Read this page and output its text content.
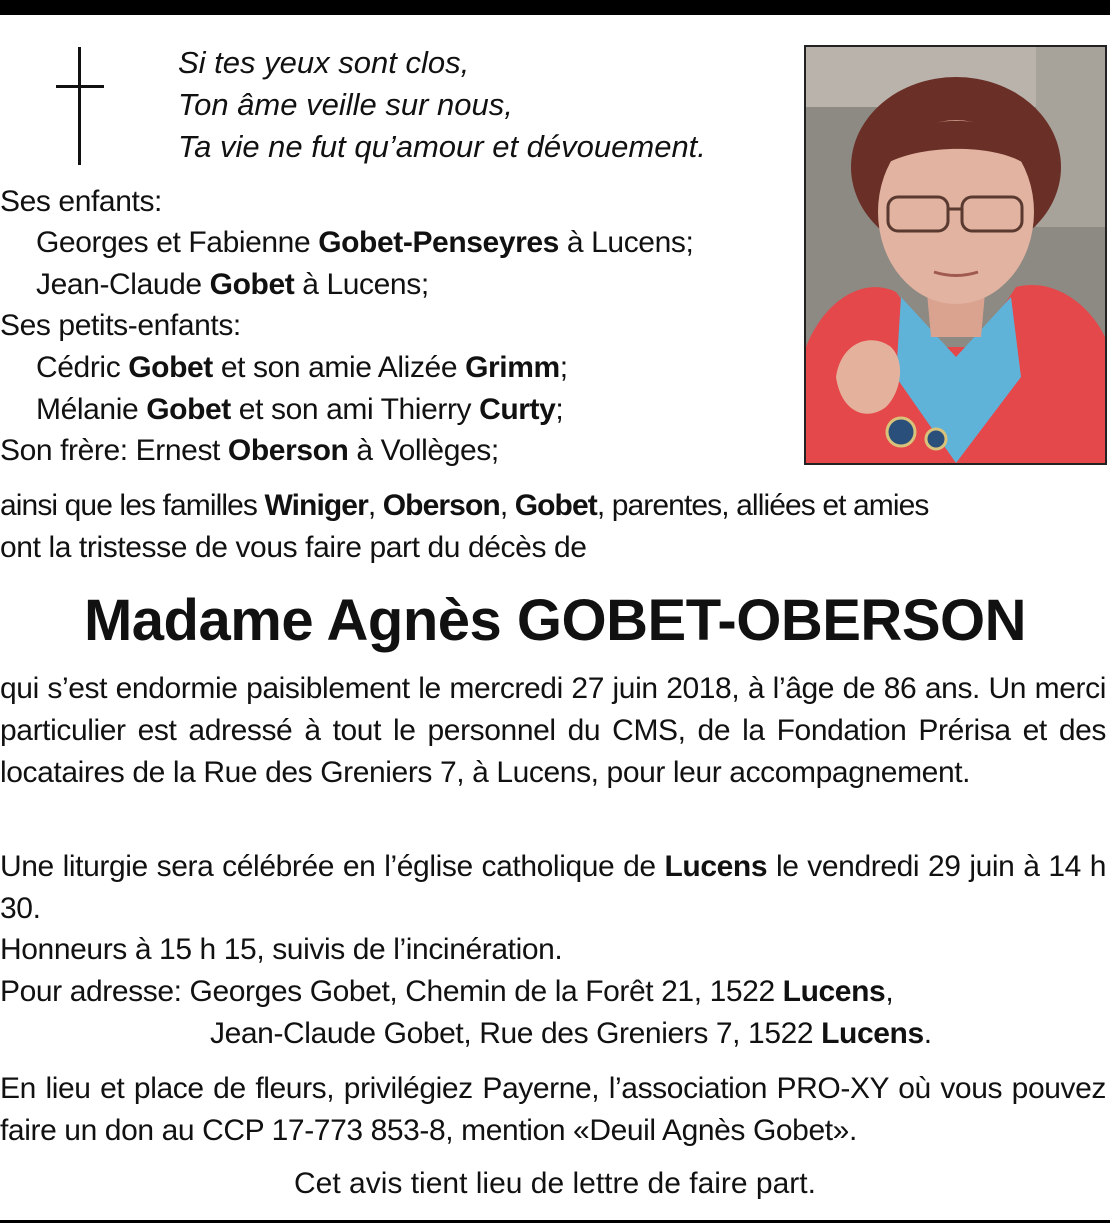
Si tes yeux sont clos,
Ton âme veille sur nous,
Ta vie ne fut qu’amour et dévouement.
Ses enfants:
Georges et Fabienne Gobet-Penseyres à Lucens;
Jean-Claude Gobet à Lucens;
Ses petits-enfants:
Cédric Gobet et son amie Alizée Grimm;
Mélanie Gobet et son ami Thierry Curty;
Son frère: Ernest Oberson à Vollèges;
ainsi que les familles Winiger, Oberson, Gobet, parentes, alliées et amies
ont la tristesse de vous faire part du décès de
Madame Agnès GOBET-OBERSON
qui s’est endormie paisiblement le mercredi 27 juin 2018, à l’âge de 86 ans. Un merci particulier est adressé à tout le personnel du CMS, de la Fondation Prérisa et des locataires de la Rue des Greniers 7, à Lucens, pour leur accompagnement.
Une liturgie sera célébrée en l’église catholique de Lucens le vendredi 29 juin à 14 h 30.
Honneurs à 15 h 15, suivis de l’incinération.
Pour adresse: Georges Gobet, Chemin de la Forêt 21, 1522 Lucens,
Jean-Claude Gobet, Rue des Greniers 7, 1522 Lucens.
En lieu et place de fleurs, privilégiez Payerne, l’association PRO-XY où vous pouvez faire un don au CCP 17-773 853-8, mention «Deuil Agnès Gobet».
Cet avis tient lieu de lettre de faire part.
